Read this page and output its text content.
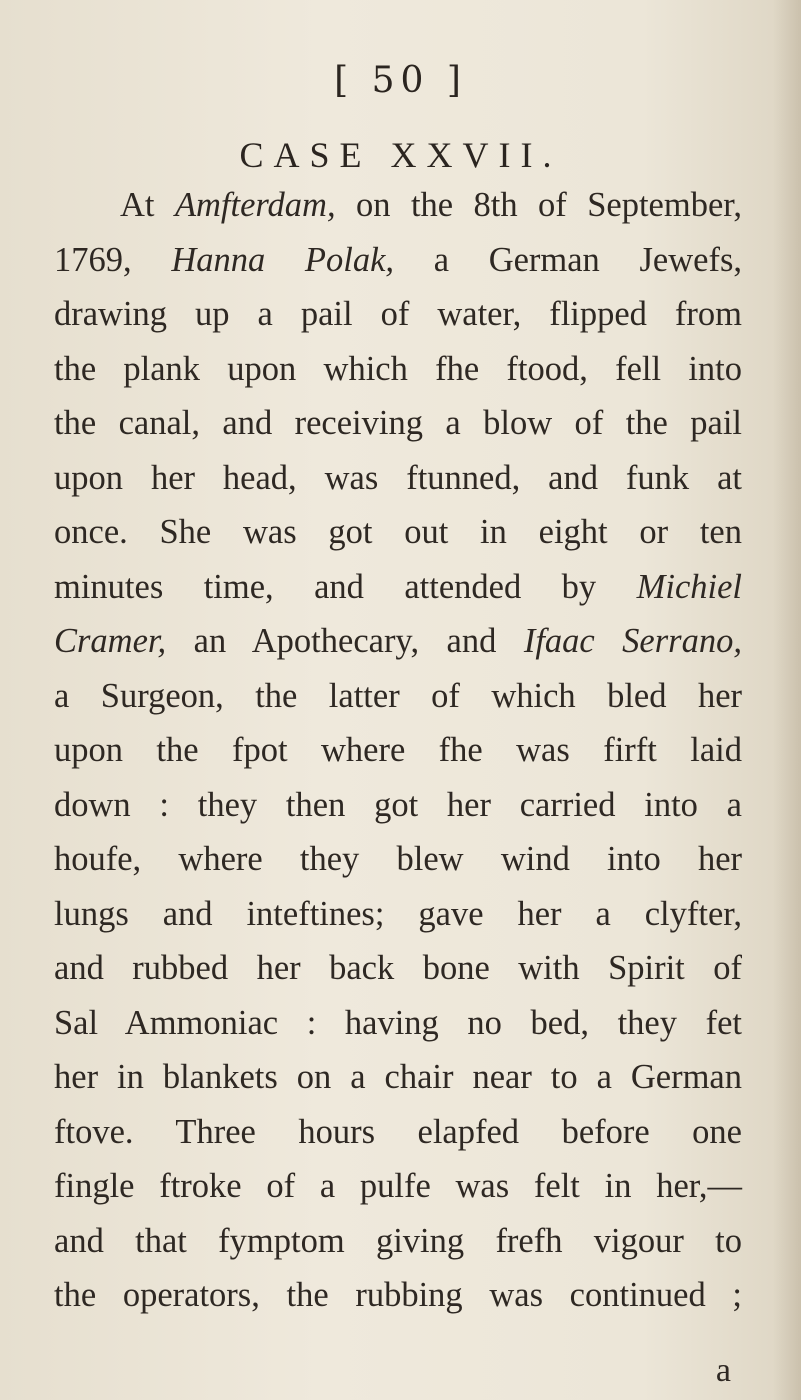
[ 50 ]
CASE XXVII.
At Amfterdam, on the 8th of September,
1769, Hanna Polak, a German Jewefs,
drawing up a pail of water, flipped from
the plank upon which fhe ftood, fell into
the canal, and receiving a blow of the pail
upon her head, was ftunned, and funk at
once. She was got out in eight or ten
minutes time, and attended by Michiel
Cramer, an Apothecary, and Ifaac Serrano,
a Surgeon, the latter of which bled her
upon the fpot where fhe was firft laid
down : they then got her carried into a
houfe, where they blew wind into her
lungs and inteftines; gave her a clyfter,
and rubbed her back bone with Spirit of
Sal Ammoniac : having no bed, they fet
her in blankets on a chair near to a German
ftove. Three hours elapfed before one
fingle ftroke of a pulfe was felt in her,—
and that fymptom giving frefh vigour to
the operators, the rubbing was continued ;
a
